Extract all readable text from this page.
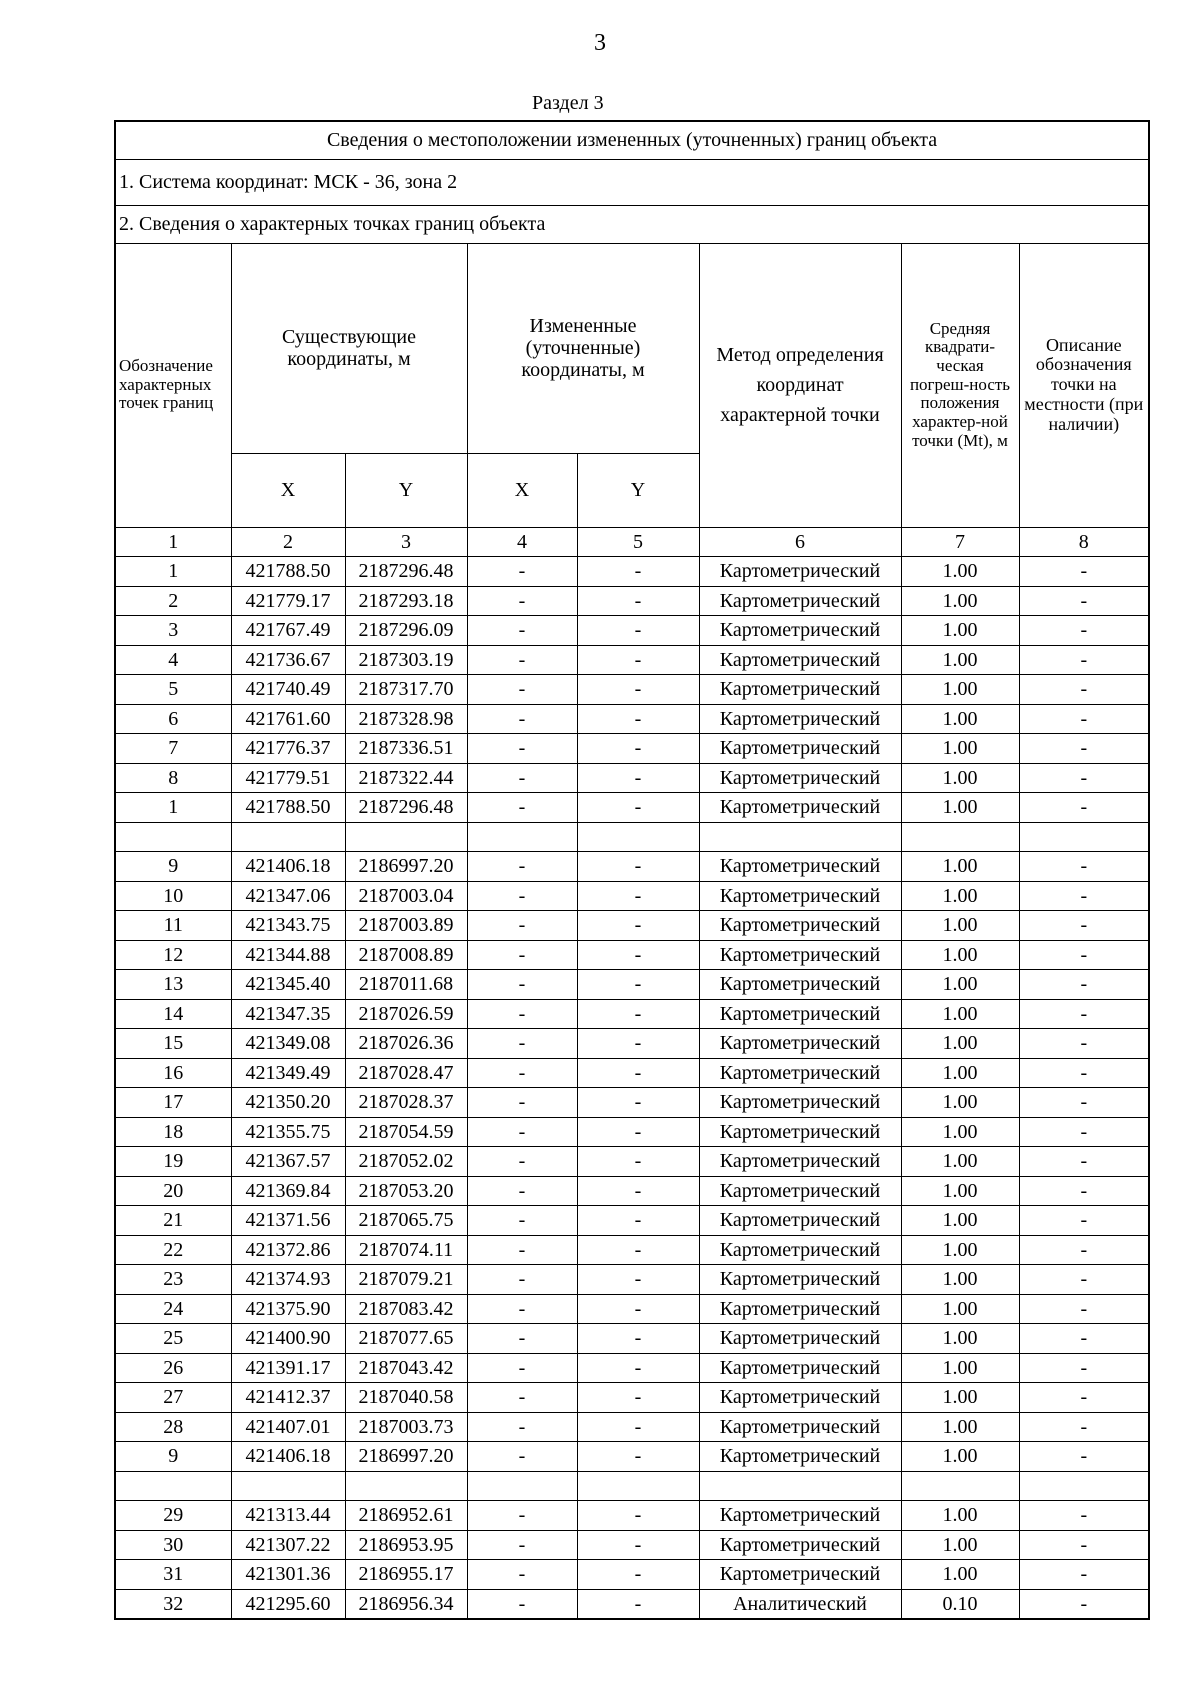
3
Раздел 3
Сведения о местоположении измененных (уточненных) границ объекта							
1. Система координат: МСК - 36, зона 2							
2. Сведения о характерных точках границ объекта							
Обозначение характерных точек границ	Существующие координаты, м		Измененные (уточненные) координаты, м		Метод определения координат характерной точки	Средняя квадрати-ческая погреш-ность положения характер-ной точки (Mt), м	Описание обозначения точки на местности (при наличии)
	X	Y	X	Y			
1	2	3	4	5	6	7	8
1	421788.50	2187296.48	-	-	Картометрический	1.00	-
2	421779.17	2187293.18	-	-	Картометрический	1.00	-
3	421767.49	2187296.09	-	-	Картометрический	1.00	-
4	421736.67	2187303.19	-	-	Картометрический	1.00	-
5	421740.49	2187317.70	-	-	Картометрический	1.00	-
6	421761.60	2187328.98	-	-	Картометрический	1.00	-
7	421776.37	2187336.51	-	-	Картометрический	1.00	-
8	421779.51	2187322.44	-	-	Картометрический	1.00	-
1	421788.50	2187296.48	-	-	Картометрический	1.00	-

9	421406.18	2186997.20	-	-	Картометрический	1.00	-
10	421347.06	2187003.04	-	-	Картометрический	1.00	-
11	421343.75	2187003.89	-	-	Картометрический	1.00	-
12	421344.88	2187008.89	-	-	Картометрический	1.00	-
13	421345.40	2187011.68	-	-	Картометрический	1.00	-
14	421347.35	2187026.59	-	-	Картометрический	1.00	-
15	421349.08	2187026.36	-	-	Картометрический	1.00	-
16	421349.49	2187028.47	-	-	Картометрический	1.00	-
17	421350.20	2187028.37	-	-	Картометрический	1.00	-
18	421355.75	2187054.59	-	-	Картометрический	1.00	-
19	421367.57	2187052.02	-	-	Картометрический	1.00	-
20	421369.84	2187053.20	-	-	Картометрический	1.00	-
21	421371.56	2187065.75	-	-	Картометрический	1.00	-
22	421372.86	2187074.11	-	-	Картометрический	1.00	-
23	421374.93	2187079.21	-	-	Картометрический	1.00	-
24	421375.90	2187083.42	-	-	Картометрический	1.00	-
25	421400.90	2187077.65	-	-	Картометрический	1.00	-
26	421391.17	2187043.42	-	-	Картометрический	1.00	-
27	421412.37	2187040.58	-	-	Картометрический	1.00	-
28	421407.01	2187003.73	-	-	Картометрический	1.00	-
9	421406.18	2186997.20	-	-	Картометрический	1.00	-

29	421313.44	2186952.61	-	-	Картометрический	1.00	-
30	421307.22	2186953.95	-	-	Картометрический	1.00	-
31	421301.36	2186955.17	-	-	Картометрический	1.00	-
32	421295.60	2186956.34	-	-	Аналитический	0.10	-
